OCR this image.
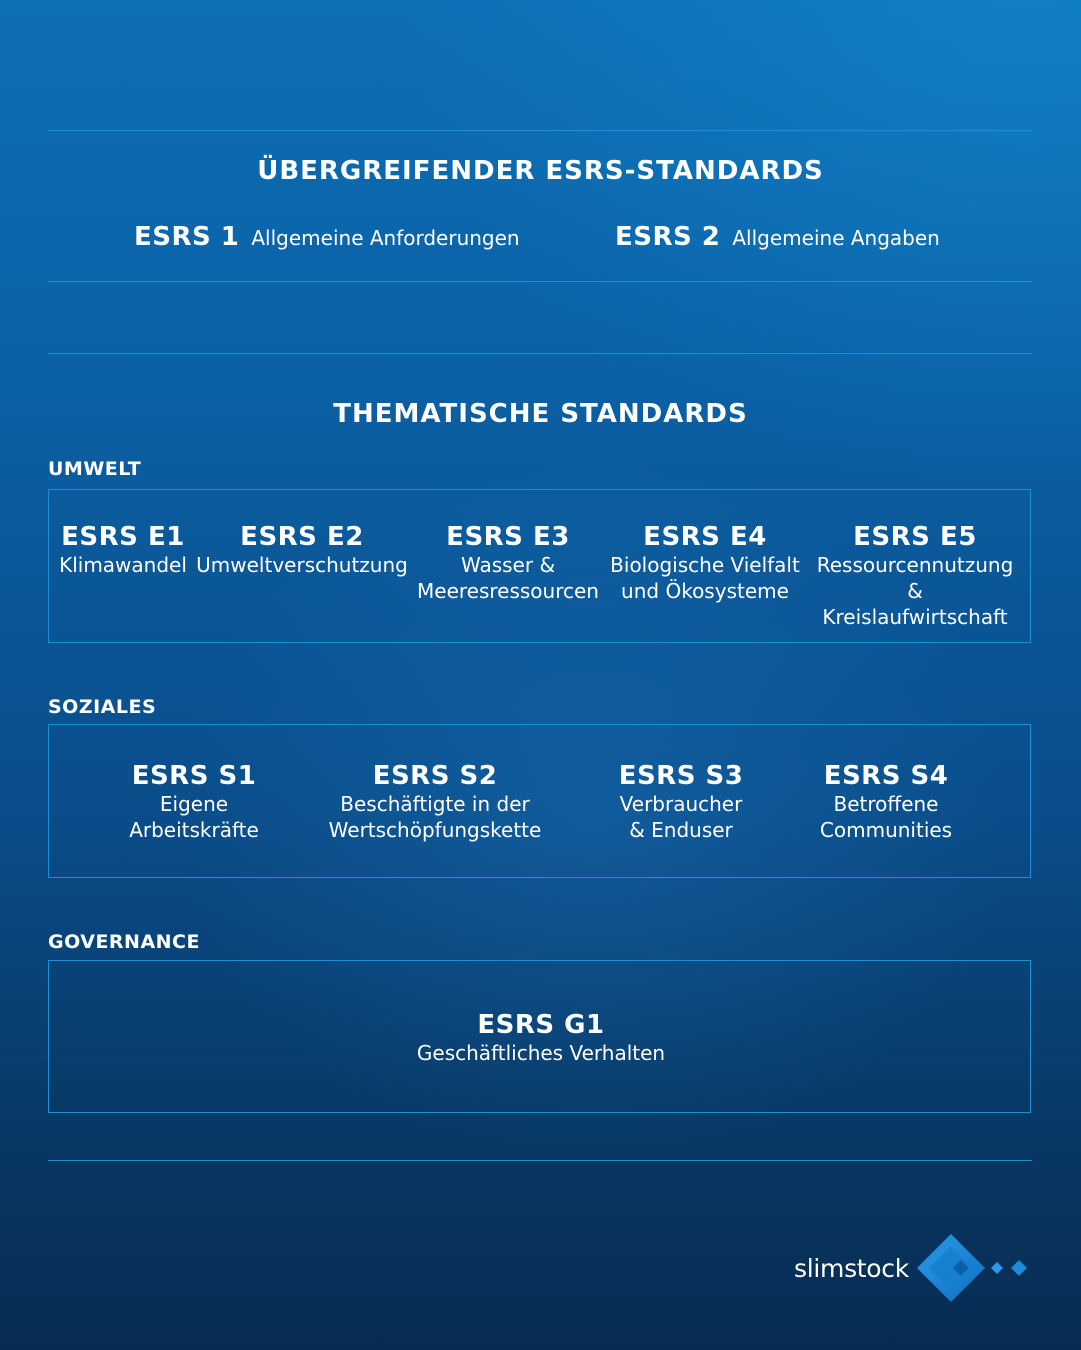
ÜBERGREIFENDER ESRS-STANDARDS
ESRS 1 Allgemeine Anforderungen	ESRS 2 Allgemeine Angaben
THEMATISCHE STANDARDS
UMWELT
ESRS E1
Klimawandel
ESRS E2
Umweltverschutzung
ESRS E3
Wasser &
Meeresressourcen
ESRS E4
Biologische Vielfalt
und Ökosysteme
ESRS E5
Ressourcennutzung
& Kreislaufwirtschaft
SOZIALES
ESRS S1
Eigene
Arbeitskräfte
ESRS S2
Beschäftigte in der
Wertschöpfungskette
ESRS S3
Verbraucher
& Enduser
ESRS S4
Betroffene
Communities
GOVERNANCE
ESRS G1
Geschäftliches Verhalten
slimstock
